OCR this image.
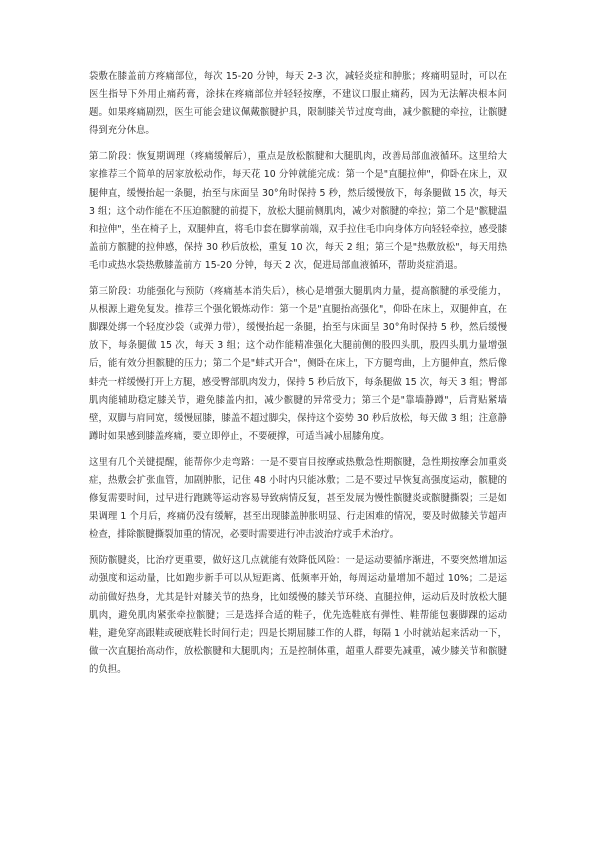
袋敷在膝盖前方疼痛部位，每次 15-20 分钟，每天 2-3 次，减轻炎症和肿胀；疼痛明显时，可以在医生指导下外用止痛药膏，涂抹在疼痛部位并轻轻按摩，不建议口服止痛药，因为无法解决根本问题。如果疼痛剧烈，医生可能会建议佩戴髌腱护具，限制膝关节过度弯曲，减少髌腱的牵拉，让髌腱得到充分休息。

第二阶段：恢复期调理（疼痛缓解后），重点是放松髌腱和大腿肌肉，改善局部血液循环。这里给大家推荐三个简单的居家放松动作，每天花 10 分钟就能完成：第一个是"直腿拉伸"，仰卧在床上，双腿伸直，缓慢抬起一条腿，抬至与床面呈 30°角时保持 5 秒，然后缓慢放下，每条腿做 15 次，每天 3 组；这个动作能在不压迫髌腱的前提下，放松大腿前侧肌肉，减少对髌腱的牵拉；第二个是"髌腱温和拉伸"，坐在椅子上，双腿伸直，将毛巾套在脚掌前端，双手拉住毛巾向身体方向轻轻牵拉，感受膝盖前方髌腱的拉伸感，保持 30 秒后放松，重复 10 次，每天 2 组；第三个是"热敷放松"，每天用热毛巾或热水袋热敷膝盖前方 15-20 分钟，每天 2 次，促进局部血液循环，帮助炎症消退。

第三阶段：功能强化与预防（疼痛基本消失后），核心是增强大腿肌肉力量，提高髌腱的承受能力，从根源上避免复发。推荐三个强化锻炼动作：第一个是"直腿抬高强化"，仰卧在床上，双腿伸直，在脚踝处绑一个轻度沙袋（或弹力带），缓慢抬起一条腿，抬至与床面呈 30°角时保持 5 秒，然后缓慢放下，每条腿做 15 次，每天 3 组；这个动作能精准强化大腿前侧的股四头肌，股四头肌力量增强后，能有效分担髌腱的压力；第二个是"蚌式开合"，侧卧在床上，下方腿弯曲，上方腿伸直，然后像蚌壳一样缓慢打开上方腿，感受臀部肌肉发力，保持 5 秒后放下，每条腿做 15 次，每天 3 组；臀部肌肉能辅助稳定膝关节，避免膝盖内扣，减少髌腱的异常受力；第三个是"靠墙静蹲"，后背贴紧墙壁，双脚与肩同宽，缓慢屈膝，膝盖不超过脚尖，保持这个姿势 30 秒后放松，每天做 3 组；注意静蹲时如果感到膝盖疼痛，要立即停止，不要硬撑，可适当减小屈膝角度。

这里有几个关键提醒，能帮你少走弯路：一是不要盲目按摩或热敷急性期髌腱，急性期按摩会加重炎症，热敷会扩张血管，加剧肿胀，记住 48 小时内只能冰敷；二是不要过早恢复高强度运动，髌腱的修复需要时间，过早进行跑跳等运动容易导致病情反复，甚至发展为慢性髌腱炎或髌腱撕裂；三是如果调理 1 个月后，疼痛仍没有缓解，甚至出现膝盖肿胀明显、行走困难的情况，要及时做膝关节超声检查，排除髌腱撕裂加重的情况，必要时需要进行冲击波治疗或手术治疗。

预防髌腱炎，比治疗更重要，做好这几点就能有效降低风险：一是运动要循序渐进，不要突然增加运动强度和运动量，比如跑步新手可以从短距离、低频率开始，每周运动量增加不超过 10%；二是运动前做好热身，尤其是针对膝关节的热身，比如缓慢的膝关节环绕、直腿拉伸，运动后及时放松大腿肌肉，避免肌肉紧张牵拉髌腱；三是选择合适的鞋子，优先选鞋底有弹性、鞋帮能包裹脚踝的运动鞋，避免穿高跟鞋或硬底鞋长时间行走；四是长期屈膝工作的人群，每隔 1 小时就站起来活动一下，做一次直腿抬高动作，放松髌腱和大腿肌肉；五是控制体重，超重人群要先减重，减少膝关节和髌腱的负担。
